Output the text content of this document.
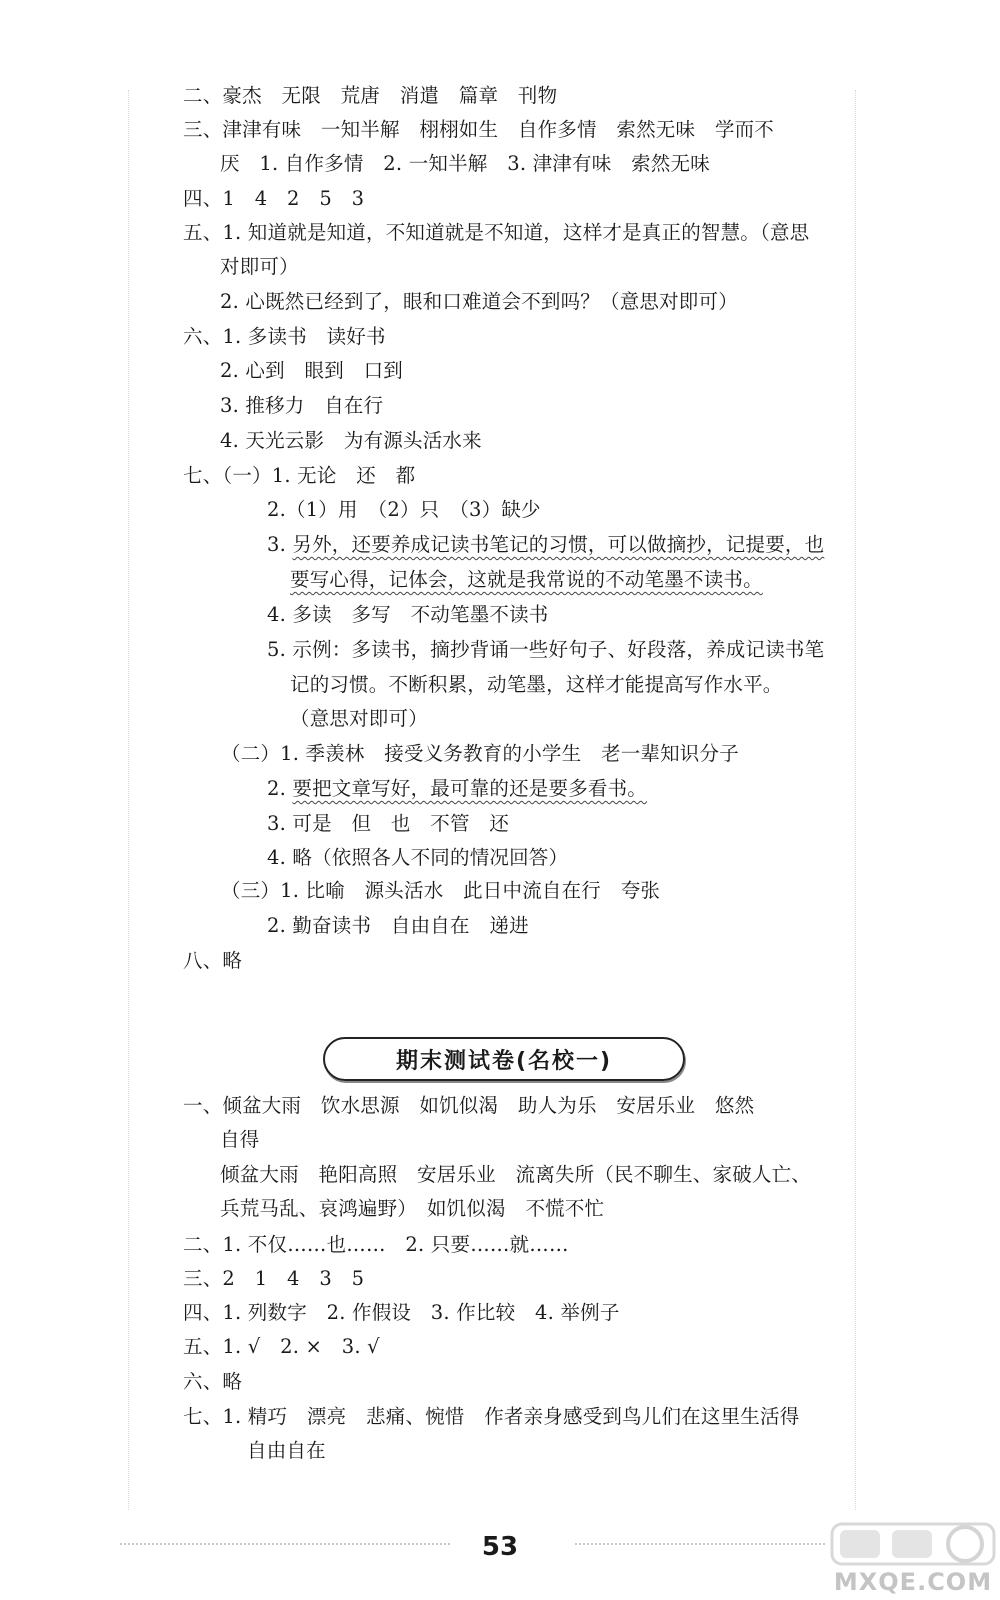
二、豪杰　无限　荒唐　消遣　篇章　刊物
三、津津有味　一知半解　栩栩如生　自作多情　索然无味　学而不
厌　1. 自作多情　2. 一知半解　3. 津津有味　索然无味
四、1　4　2　5　3
五、1. 知道就是知道，不知道就是不知道，这样才是真正的智慧。（意思
对即可）
2. 心既然已经到了，眼和口难道会不到吗？（意思对即可）
六、1. 多读书　读好书
2. 心到　眼到　口到
3. 推移力　自在行
4. 天光云影　为有源头活水来
七、（一）1. 无论　还　都
2.（1）用　（2）只　（3）缺少
3. 另外，还要养成记读书笔记的习惯，可以做摘抄，记提要，也
要写心得，记体会，这就是我常说的不动笔墨不读书。
4. 多读　多写　不动笔墨不读书
5. 示例：多读书，摘抄背诵一些好句子、好段落，养成记读书笔
记的习惯。不断积累，动笔墨，这样才能提高写作水平。
（意思对即可）
（二）1. 季羡林　接受义务教育的小学生　老一辈知识分子
2. 要把文章写好，最可靠的还是要多看书。
3. 可是　但　也　不管　还
4. 略（依照各人不同的情况回答）
（三）1. 比喻　源头活水　此日中流自在行　夸张
2. 勤奋读书　自由自在　递进
八、略
期末测试卷(名校一)
一、倾盆大雨　饮水思源　如饥似渴　助人为乐　安居乐业　悠然
自得
倾盆大雨　艳阳高照　安居乐业　流离失所（民不聊生、家破人亡、
兵荒马乱、哀鸿遍野）　如饥似渴　不慌不忙
二、1. 不仅……也……　2. 只要……就……
三、2　1　4　3　5
四、1. 列数字　2. 作假设　3. 作比较　4. 举例子
五、1. √　2. ×　3. √
六、略
七、1. 精巧　漂亮　悲痛、惋惜　作者亲身感受到鸟儿们在这里生活得
自由自在
53
MXQE.COM
